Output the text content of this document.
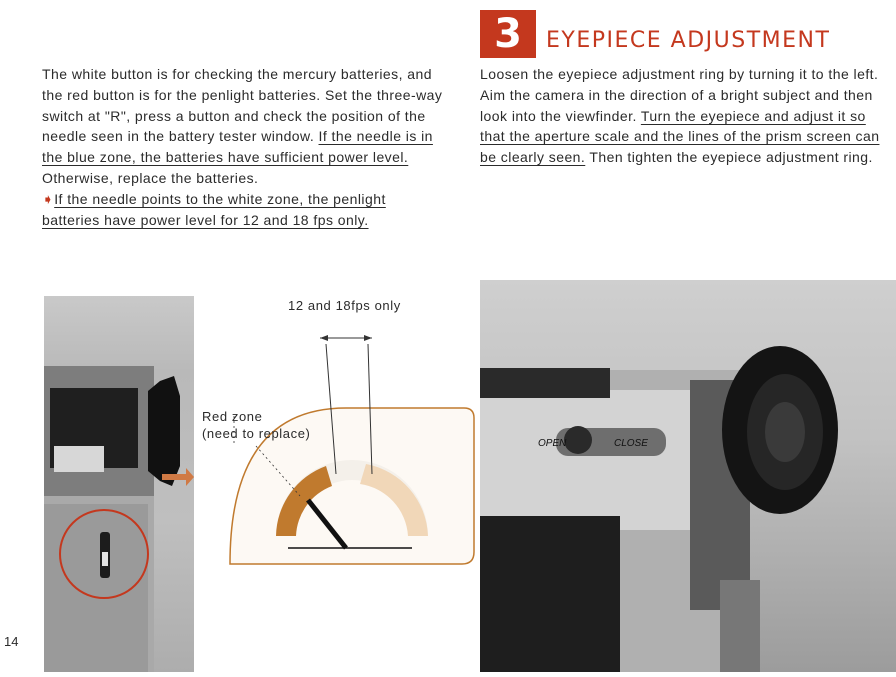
The white button is for checking the mercury batteries, and the red button is for the penlight batteries. Set the three-way switch at "R", press a button and check the position of the needle seen in the battery tester window. If the needle is in the blue zone, the batteries have sufficient power level. Otherwise, replace the batteries.
➧If the needle points to the white zone, the penlight batteries have power level for 12 and 18 fps only.
3	EYEPIECE ADJUSTMENT
Loosen the eyepiece adjustment ring by turning it to the left. Aim the camera in the direction of a bright subject and then look into the viewfinder. Turn the eyepiece and adjust it so that the aperture scale and the lines of the prism screen can be clearly seen. Then tighten the eyepiece adjustment ring.
12 and 18fps only
Red zone
(need to replace)
OPEN	CLOSE
14
